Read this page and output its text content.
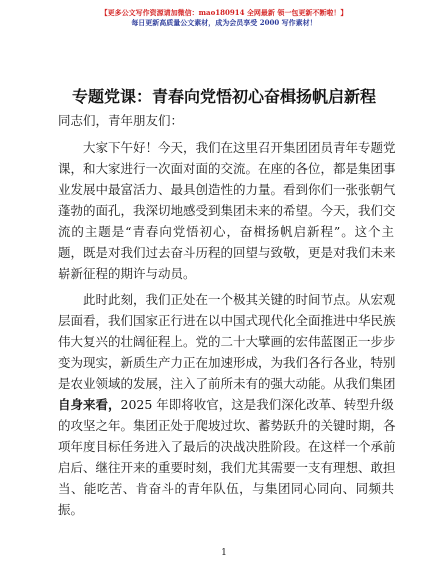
【更多公文写作资源请加微信：mao180914 全网最新 领一包更新不断啦！】
每日更新高质量公文素材，成为会员享受 2000 写作素材！
专题党课：青春向党悟初心奋楫扬帆启新程
同志们，青年朋友们：
大家下午好！今天，我们在这里召开集团团员青年专题党
课，和大家进行一次面对面的交流。在座的各位，都是集团事
业发展中最富活力、最具创造性的力量。看到你们一张张朝气
蓬勃的面孔，我深切地感受到集团未来的希望。今天，我们交
流的主题是“青春向党悟初心，奋楫扬帆启新程”。这个主
题，既是对我们过去奋斗历程的回望与致敬，更是对我们未来
崭新征程的期许与动员。
此时此刻，我们正处在一个极其关键的时间节点。从宏观
层面看，我们国家正行进在以中国式现代化全面推进中华民族
伟大复兴的壮阔征程上。党的二十大擘画的宏伟蓝图正一步步
变为现实，新质生产力正在加速形成，为我们各行各业，特别
是农业领域的发展，注入了前所未有的强大动能。从我们集团
自身来看，2025 年即将收官，这是我们深化改革、转型升级
的攻坚之年。集团正处于爬坡过坎、蓄势跃升的关键时期，各
项年度目标任务进入了最后的决战决胜阶段。在这样一个承前
启后、继往开来的重要时刻，我们尤其需要一支有理想、敢担
当、能吃苦、肯奋斗的青年队伍，与集团同心同向、同频共
振。
1
